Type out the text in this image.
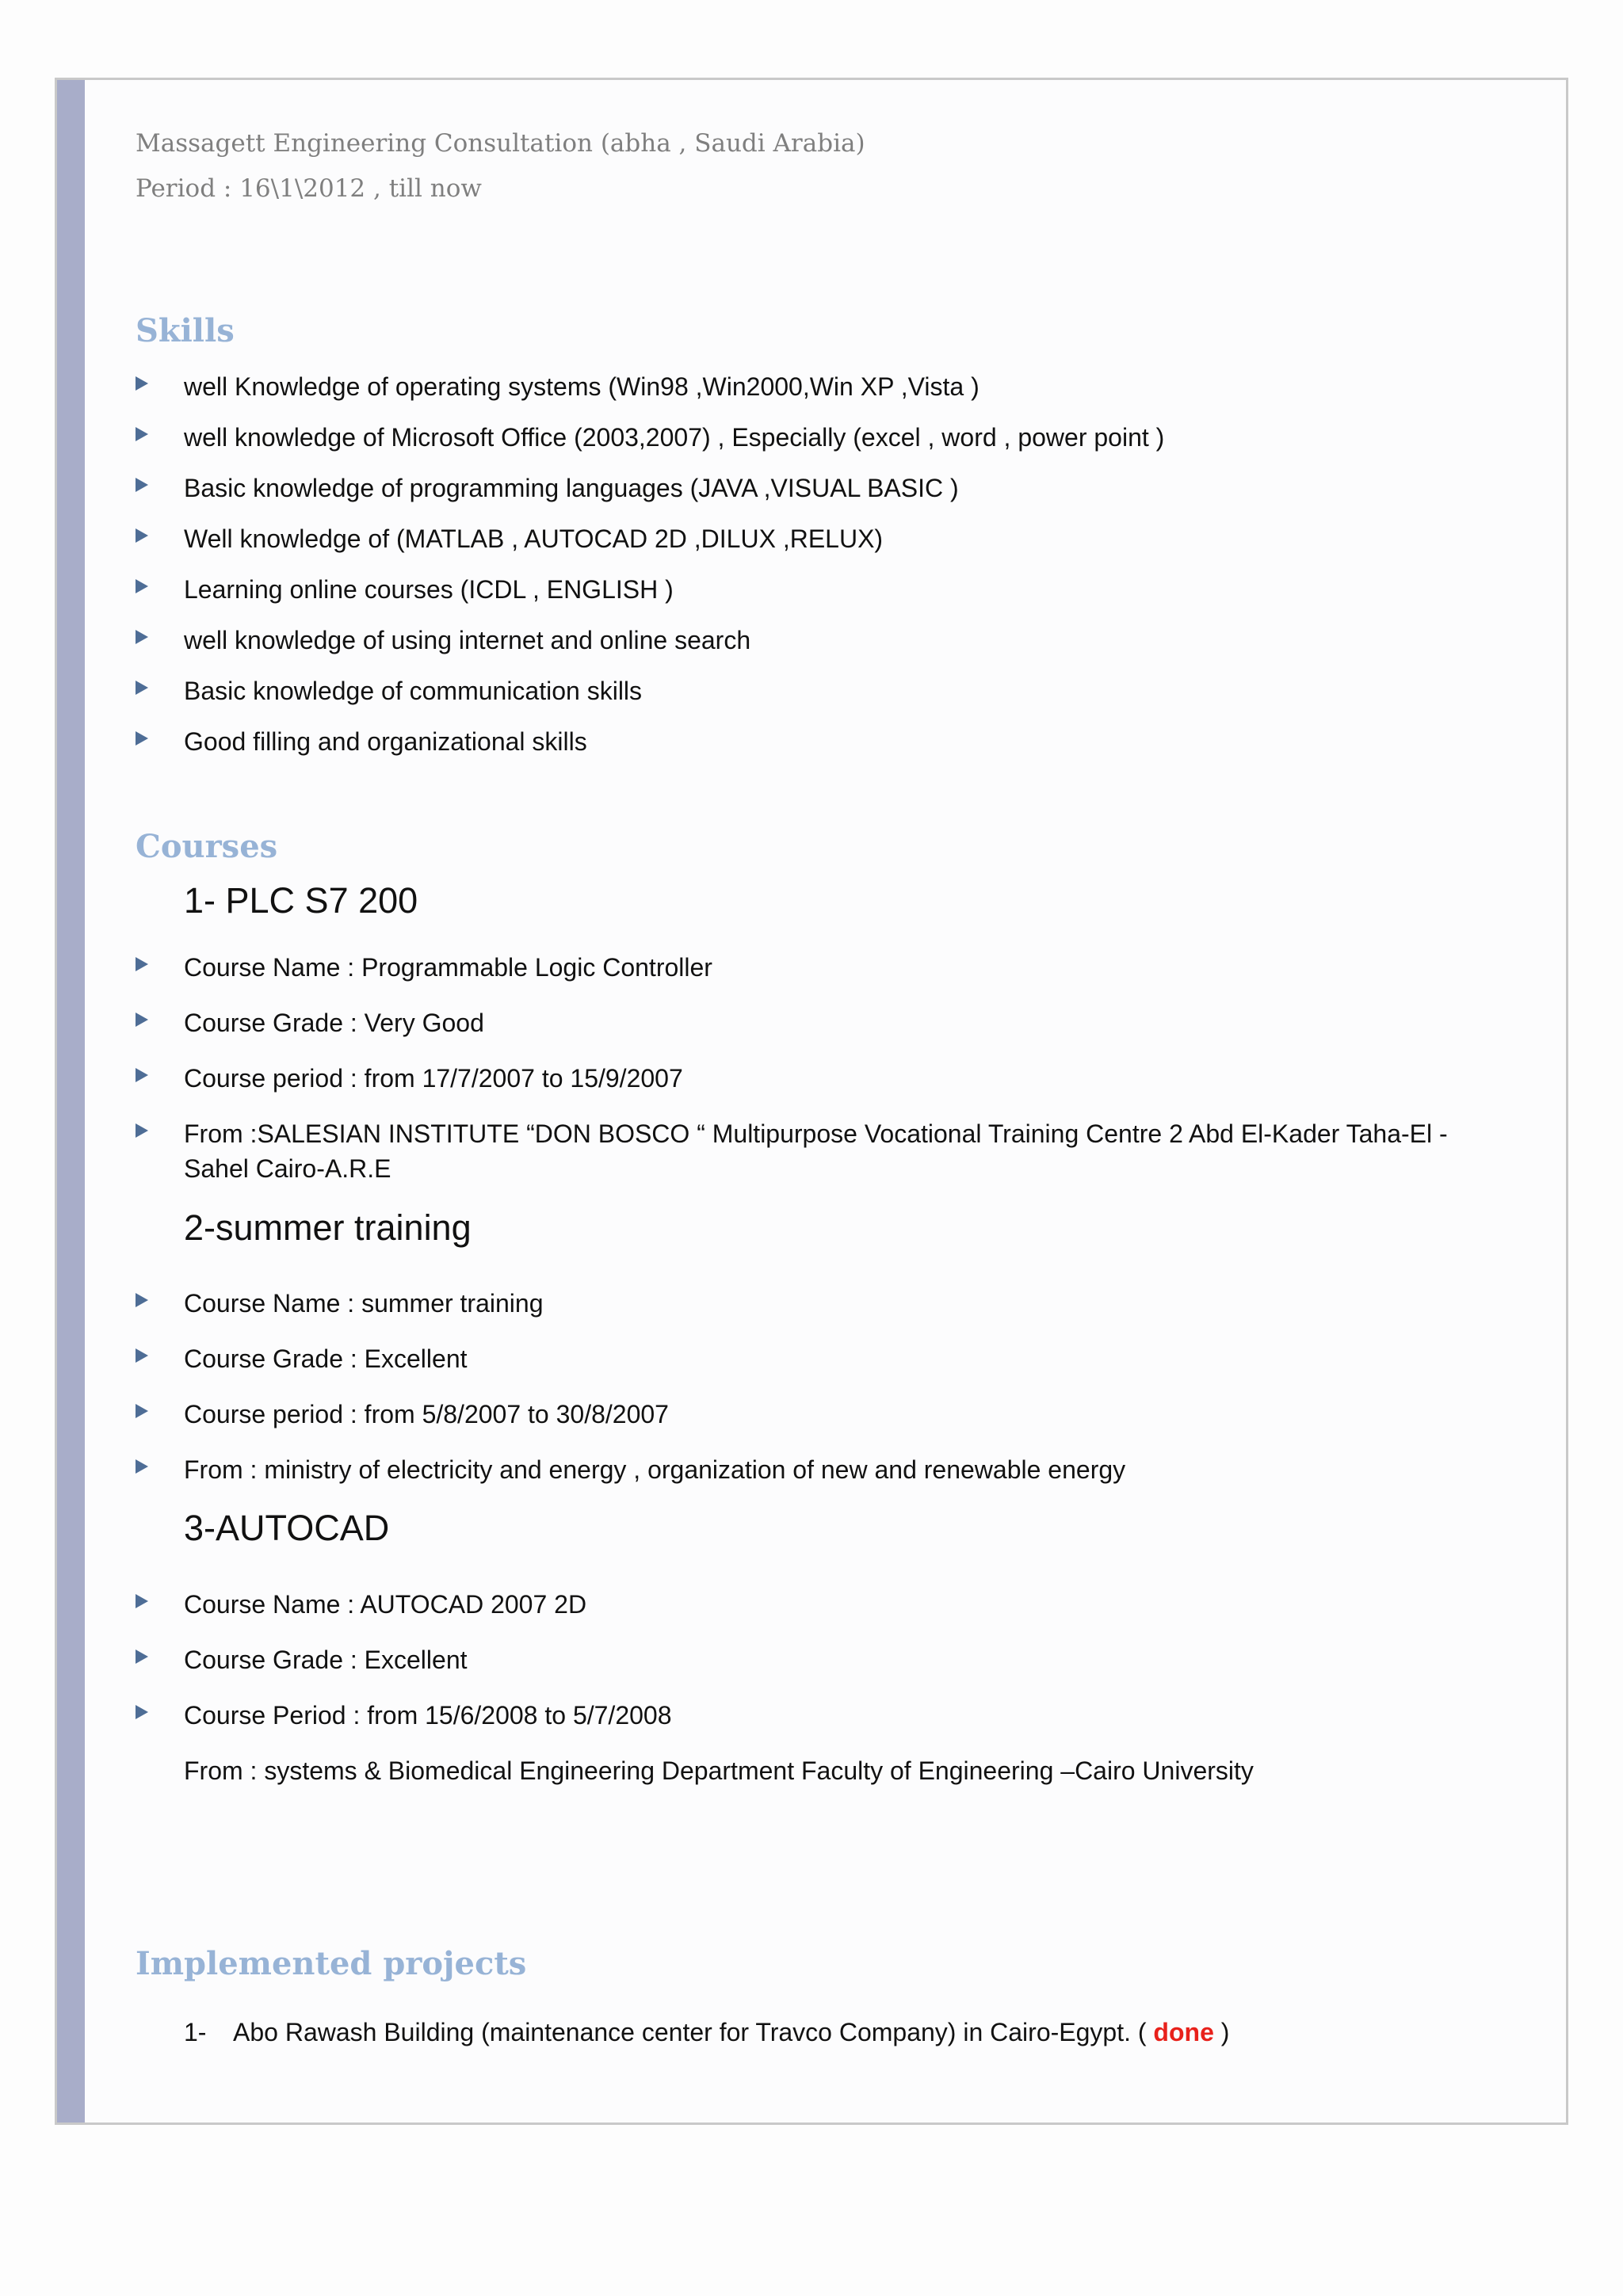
Massagett Engineering Consultation (abha , Saudi Arabia)
Period : 16\1\2012 , till now
Skills
well Knowledge of operating systems (Win98 ,Win2000,Win XP ,Vista )
well knowledge of Microsoft Office (2003,2007) , Especially (excel , word , power point )
Basic knowledge of programming languages (JAVA ,VISUAL BASIC )
Well knowledge of (MATLAB , AUTOCAD 2D ,DILUX ,RELUX)
Learning online courses (ICDL , ENGLISH )
well knowledge of using internet and online search
Basic knowledge of communication skills
Good filling and organizational skills
Courses
1- PLC S7 200
Course Name : Programmable Logic Controller
Course Grade : Very Good
Course period : from 17/7/2007 to 15/9/2007
From :SALESIAN INSTITUTE “DON BOSCO “ Multipurpose Vocational Training Centre 2 Abd El-Kader Taha-El -Sahel Cairo-A.R.E
2-summer training
Course Name : summer training
Course Grade : Excellent
Course period : from 5/8/2007 to 30/8/2007
From : ministry of electricity and energy , organization of new and renewable energy
3-AUTOCAD
Course Name : AUTOCAD 2007 2D
Course Grade : Excellent
Course Period : from 15/6/2008 to 5/7/2008
From : systems & Biomedical Engineering Department Faculty of Engineering –Cairo University
Implemented projects
1- Abo Rawash Building (maintenance center for Travco Company) in Cairo-Egypt. ( done )
